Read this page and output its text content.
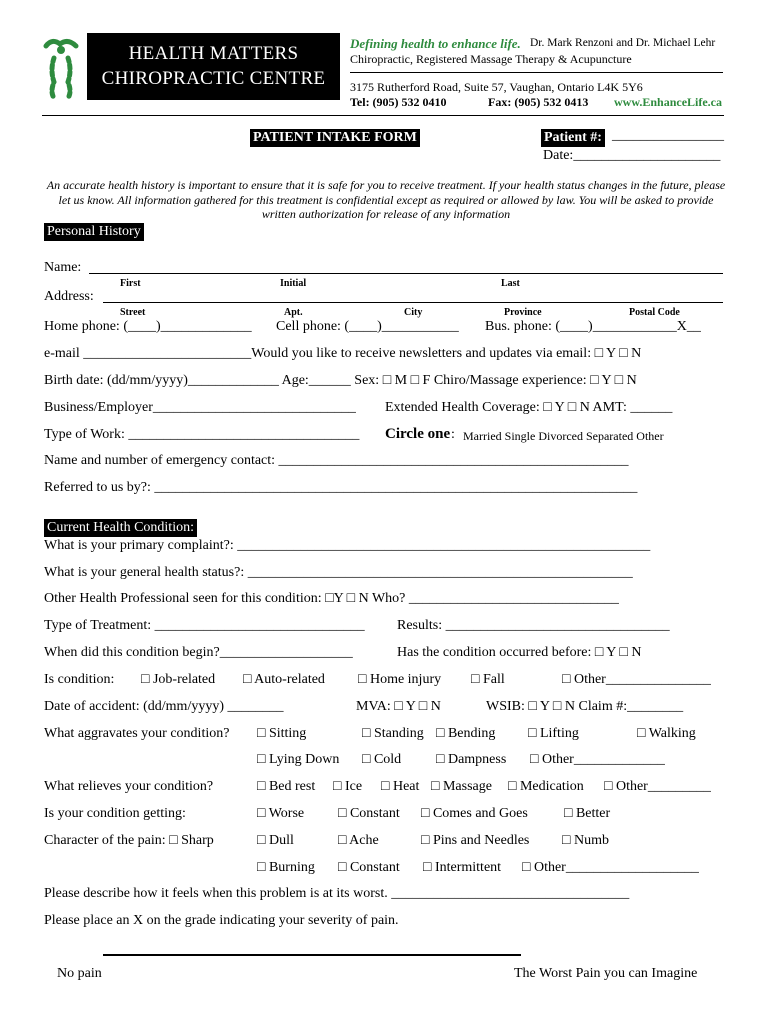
HEALTH MATTERS
CHIROPRACTIC CENTRE
Defining health to enhance life. Dr. Mark Renzoni and Dr. Michael Lehr
Chiropractic, Registered Massage Therapy & Acupuncture
3175 Rutherford Road, Suite 57, Vaughan, Ontario L4K 5Y6
Tel: (905) 532 0410	Fax: (905) 532 0413 www.EnhanceLife.ca
PATIENT INTAKE FORM	Patient #: ________________
Date:_____________________
An accurate health history is important to ensure that it is safe for you to receive treatment. If your health status changes in the future, please let us know. All information gathered for this treatment is confidential except as required or allowed by law. You will be asked to provide written authorization for release of any information
Personal History
Name:
First	Initial	Last
Address:
Street	Apt.	City	Province	Postal Code
Home phone: (____)_____________ Cell phone: (____)___________ Bus. phone: (____)____________X__
e-mail ________________________Would you like to receive newsletters and updates via email: □ Y □ N
Birth date: (dd/mm/yyyy)_____________ Age:______ Sex: □ M □ F Chiro/Massage experience: □ Y □ N
Business/Employer_____________________________ Extended Health Coverage: □ Y □ N AMT: ______
Type of Work: _________________________________ Circle one : Married Single Divorced Separated Other
Name and number of emergency contact: __________________________________________________
Referred to us by?: _____________________________________________________________________
Current Health Condition:
What is your primary complaint?: ___________________________________________________________
What is your general health status?: _______________________________________________________
Other Health Professional seen for this condition: □Y □ N Who? ______________________________
Type of Treatment: ______________________________ Results: ________________________________
When did this condition begin?___________________	Has the condition occurred before: □ Y □ N
Is condition: □ Job-related □ Auto-related □ Home injury □ Fall	□ Other_______________
Date of accident: (dd/mm/yyyy) ________	MVA: □ Y □ N	WSIB: □ Y □ N Claim #:________
What aggravates your condition? □ Sitting	□ Standing □ Bending □ Lifting	□ Walking
□ Lying Down □ Cold □ Dampness □ Other_____________
What relieves your condition?	□ Bed rest □ Ice □ Heat □ Massage □ Medication □ Other_________
Is your condition getting:	□ Worse □ Constant □ Comes and Goes	□ Better
Character of the pain: □ Sharp	□ Dull	□ Ache	□ Pins and Needles □ Numb
□ Burning □ Constant □ Intermittent □ Other___________________
Please describe how it feels when this problem is at its worst. __________________________________
Please place an X on the grade indicating your severity of pain.
No pain	The Worst Pain you can Imagine
